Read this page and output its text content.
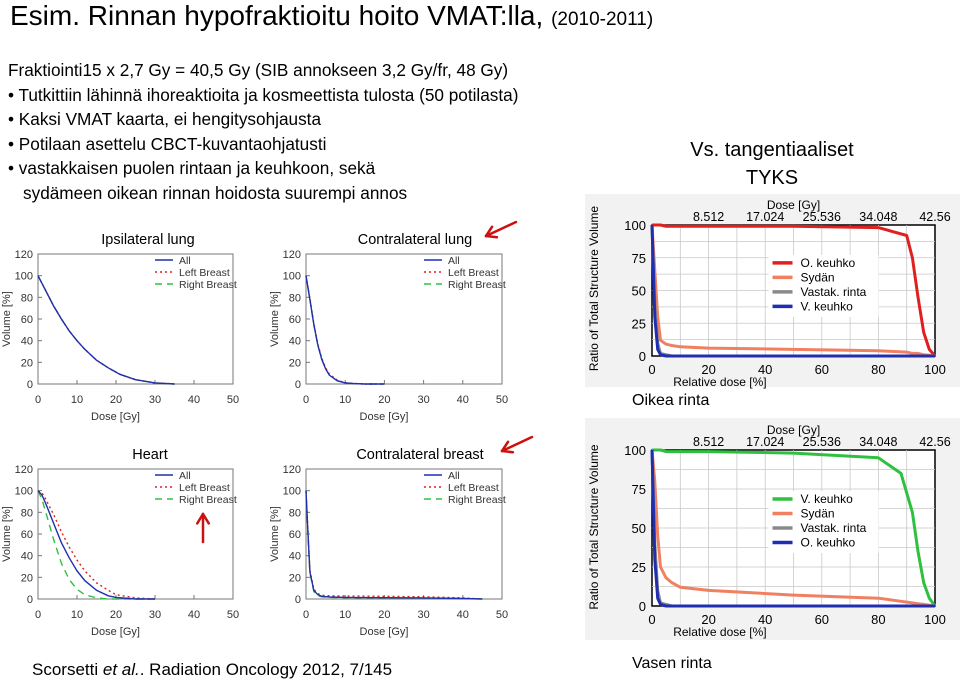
Esim. Rinnan hypofraktioitu hoito VMAT:lla, (2010-2011)
Fraktiointi15 x 2,7 Gy = 40,5 Gy (SIB annokseen 3,2 Gy/fr, 48 Gy)
• Tutkittiin lähinnä ihoreaktioita ja kosmeettista tulosta (50 potilasta)
• Kaksi VMAT kaarta, ei hengitysohjausta
• Potilaan asettelu CBCT-kuvantaohjatusti
• vastakkaisen puolen rintaan ja keuhkoon, sekä
sydämeen oikean rinnan hoidosta suurempi annos
Vs. tangentiaaliset
TYKS
Oikea rinta
Vasen rinta
Scorsetti et al.. Radiation Oncology 2012, 7/145
Ipsilateral lung
0
20
40
60
80
100
120
0	10 20 30 40 50
Dose [Gy]
Volume [%]
All
Left Breast
Right Breast
Contralateral lung
0
20
40
60
80
100
120
0	10 20 30 40 50
Dose [Gy]
Volume [%]
All
Left Breast
Right Breast
Heart
0
20
40
60
80
100
120
0	10 20 30 40 50
Dose [Gy]
Volume [%]
All
Left Breast
Right Breast
Contralateral breast
0
20
40
60
80
100
120
0	10 20 30 40 50
Dose [Gy]
Volume [%]
All
Left Breast
Right Breast
0
25
50
75
100
0	20	40	60	80	100
Relative dose [%]
Dose [Gy]
8.512 17.024 25.536 34.048 42.56
Ratio of Total Structure Volume	O. keuhko
Sydän
Vastak. rinta
V. keuhko
0
25
50
75
100
0	20	40	60	80	100
Relative dose [%]
Dose [Gy]
8.512 17.024 25.536 34.048 42.56
Ratio of Total Structure Volume	V. keuhko
Sydän
Vastak. rinta
O. keuhko
